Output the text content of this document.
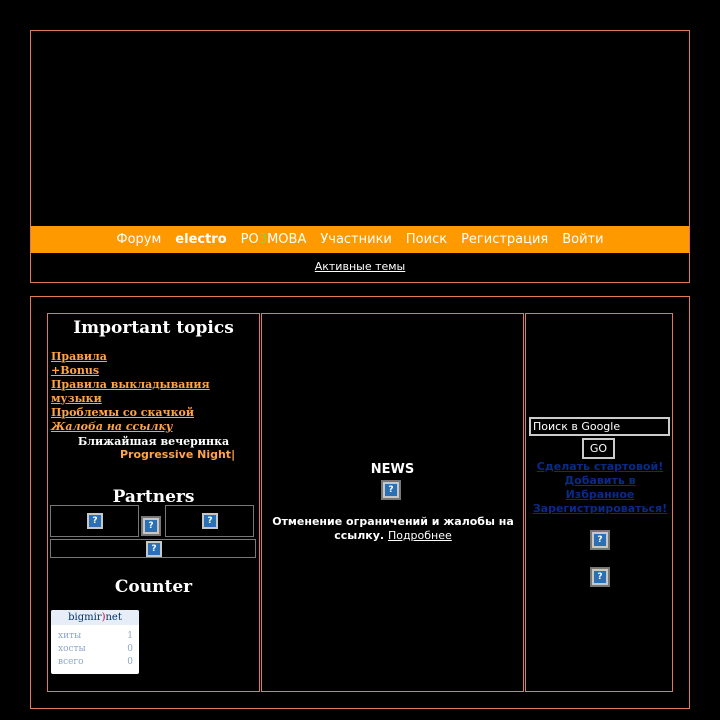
Форум electro РОЗМОВА Участники Поиск Регистрация Войти
Активные темы
Important topics
Правила
+Bonus
Правила выкладывания музыки
Проблемы со скачкой
Жалоба на ссылку
Ближайшая вечеринка
Progressive Night|
Partners
?	?	?
?
Counter
bigmir)net
хиты	1
хосты	0
всего	0
NEWS
?
Отменение ограничений и жалобы на ссылку. Подробнее
Поиск в Google
GO
Сделать стартовой!
Добавить в Избранное
Зарегистрироваться!
?
?
